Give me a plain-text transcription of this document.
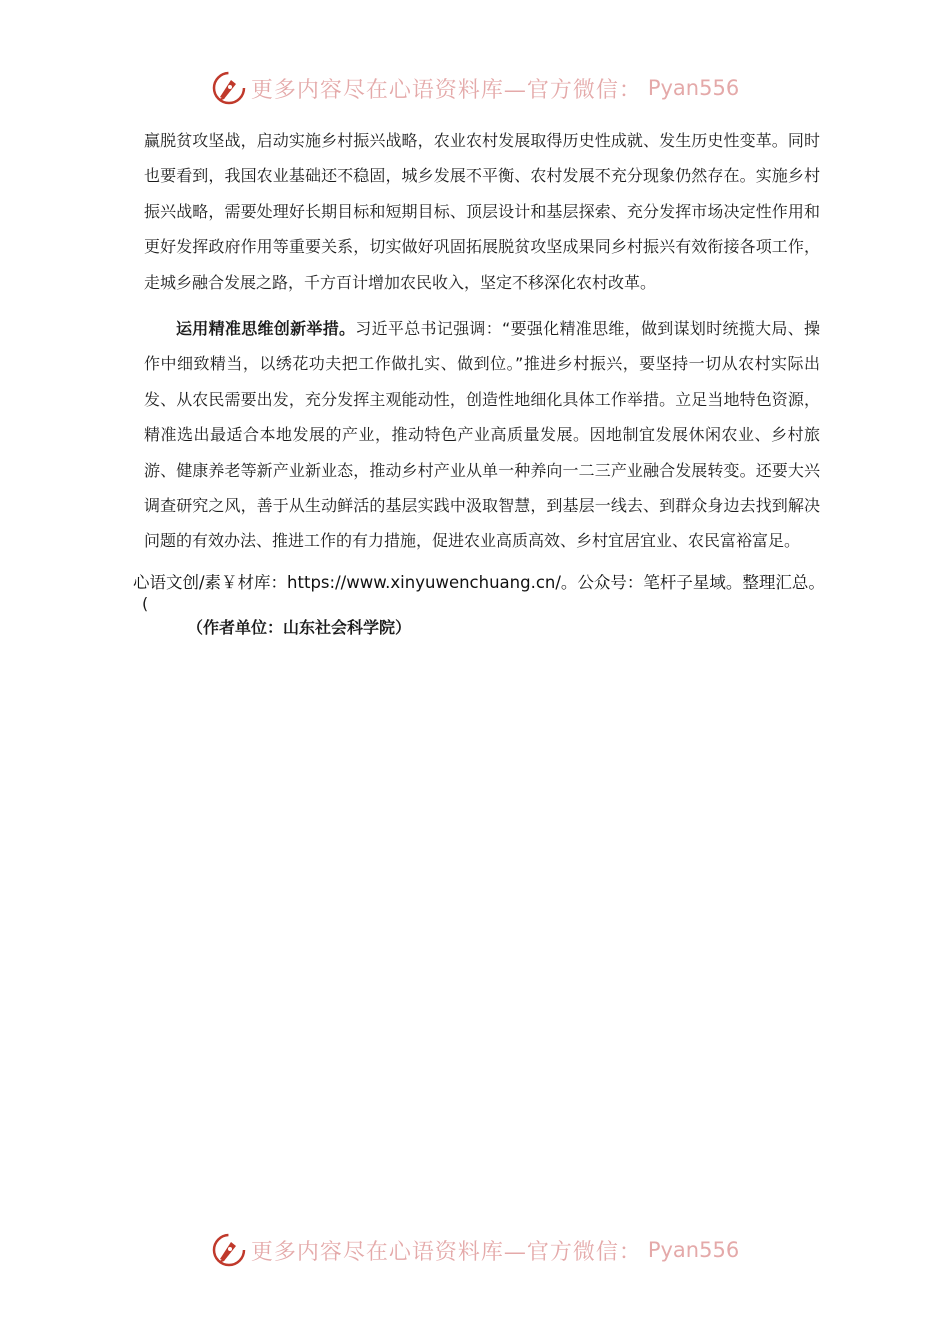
更多内容尽在心语资料库—官方微信： Pyan556

赢脱贫攻坚战，启动实施乡村振兴战略，农业农村发展取得历史性成就、发生历史性变革。同时也要看到，我国农业基础还不稳固，城乡发展不平衡、农村发展不充分现象仍然存在。实施乡村振兴战略，需要处理好长期目标和短期目标、顶层设计和基层探索、充分发挥市场决定性作用和更好发挥政府作用等重要关系，切实做好巩固拓展脱贫攻坚成果同乡村振兴有效衔接各项工作，走城乡融合发展之路，千方百计增加农民收入，坚定不移深化农村改革。

运用精准思维创新举措。习近平总书记强调：“要强化精准思维，做到谋划时统揽大局、操作中细致精当，以绣花功夫把工作做扎实、做到位。”推进乡村振兴，要坚持一切从农村实际出发、从农民需要出发，充分发挥主观能动性，创造性地细化具体工作举措。立足当地特色资源，精准选出最适合本地发展的产业，推动特色产业高质量发展。因地制宜发展休闲农业、乡村旅游、健康养老等新产业新业态，推动乡村产业从单一种养向一二三产业融合发展转变。还要大兴调查研究之风，善于从生动鲜活的基层实践中汲取智慧，到基层一线去、到群众身边去找到解决问题的有效办法、推进工作的有力措施，促进农业高质高效、乡村宜居宜业、农民富裕富足。

心语文创/素￥材库：https://www.xinyuwenchuang.cn/。公众号：笔杆子星域。整理汇总。
(
（作者单位：山东社会科学院）
更多内容尽在心语资料库—官方微信： Pyan556
